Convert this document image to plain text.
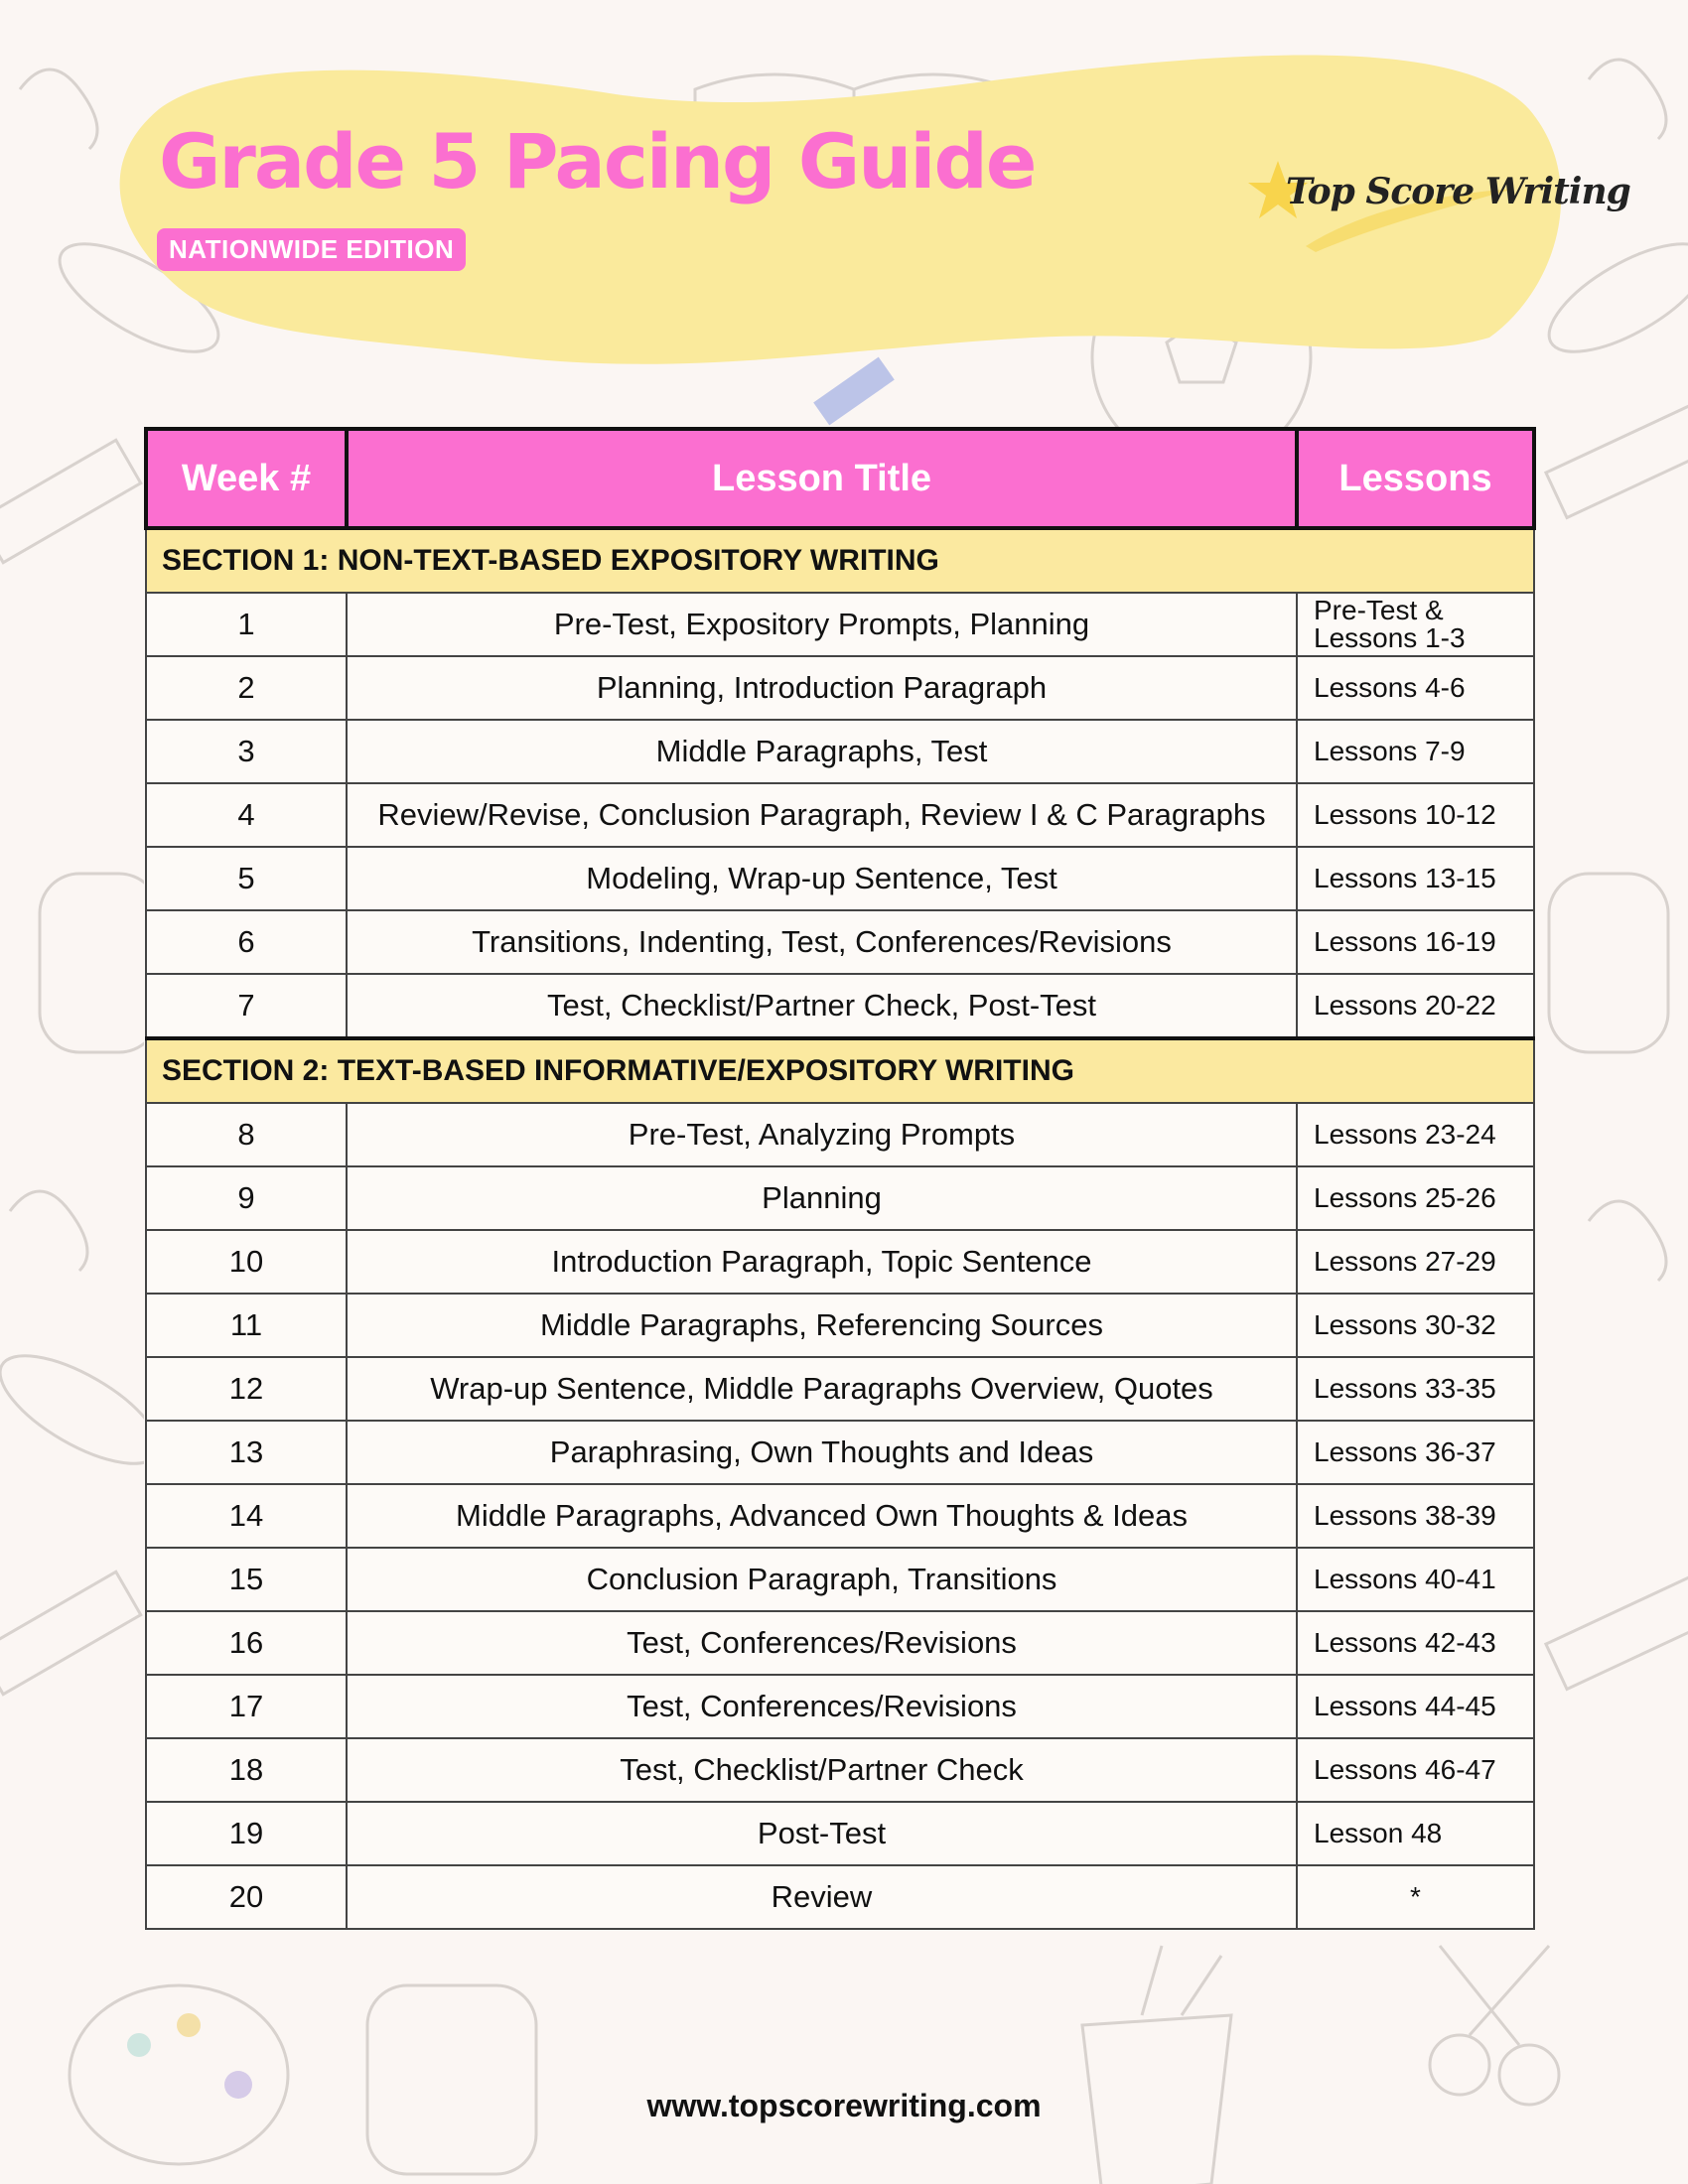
Grade 5 Pacing Guide
NATIONWIDE EDITION
Top Score Writing
Week #	Lesson Title	Lessons
SECTION 1: NON-TEXT-BASED EXPOSITORY WRITING		
1	Pre-Test, Expository Prompts, Planning	Pre-Test & Lessons 1-3
2	Planning, Introduction Paragraph	Lessons 4-6
3	Middle Paragraphs, Test	Lessons 7-9
4	Review/Revise, Conclusion Paragraph, Review I & C Paragraphs	Lessons 10-12
5	Modeling, Wrap-up Sentence, Test	Lessons 13-15
6	Transitions, Indenting, Test, Conferences/Revisions	Lessons 16-19
7	Test, Checklist/Partner Check, Post-Test	Lessons 20-22
SECTION 2: TEXT-BASED INFORMATIVE/EXPOSITORY WRITING		
8	Pre-Test, Analyzing Prompts	Lessons 23-24
9	Planning	Lessons 25-26
10	Introduction Paragraph, Topic Sentence	Lessons 27-29
11	Middle Paragraphs, Referencing Sources	Lessons 30-32
12	Wrap-up Sentence, Middle Paragraphs Overview, Quotes	Lessons 33-35
13	Paraphrasing, Own Thoughts and Ideas	Lessons 36-37
14	Middle Paragraphs, Advanced Own Thoughts & Ideas	Lessons 38-39
15	Conclusion Paragraph, Transitions	Lessons 40-41
16	Test, Conferences/Revisions	Lessons 42-43
17	Test, Conferences/Revisions	Lessons 44-45
18	Test, Checklist/Partner Check	Lessons 46-47
19	Post-Test	Lesson 48
20	Review	*
www.topscorewriting.com
